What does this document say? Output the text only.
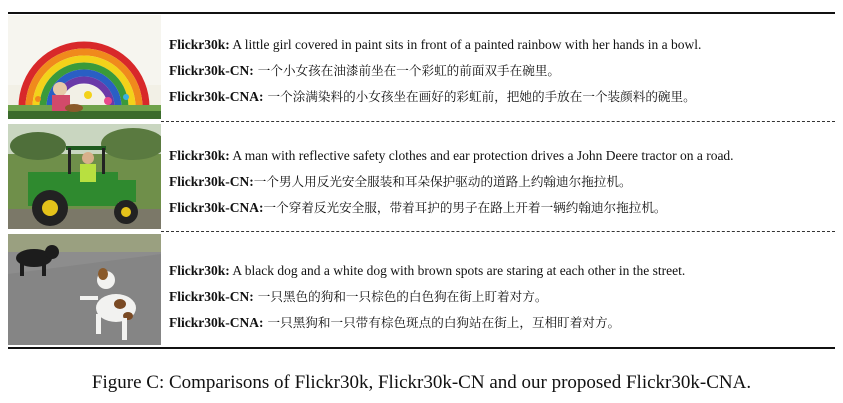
Flickr30k: A little girl covered in paint sits in front of a painted rainbow with her hands in a bowl.
Flickr30k-CN: 一个小女孩在油漆前坐在一个彩虹的前面双手在碗里。
Flickr30k-CNA: 一个涂满染料的小女孩坐在画好的彩虹前，把她的手放在一个装颜料的碗里。
Flickr30k: A man with reflective safety clothes and ear protection drives a John Deere tractor on a road.
Flickr30k-CN:一个男人用反光安全服装和耳朵保护驱动的道路上约翰迪尔拖拉机。
Flickr30k-CNA:一个穿着反光安全服，带着耳护的男子在路上开着一辆约翰迪尔拖拉机。
Flickr30k: A black dog and a white dog with brown spots are staring at each other in the street.
Flickr30k-CN: 一只黑色的狗和一只棕色的白色狗在街上盯着对方。
Flickr30k-CNA: 一只黑狗和一只带有棕色斑点的白狗站在街上，互相盯着对方。
Figure C: Comparisons of Flickr30k, Flickr30k-CN and our proposed Flickr30k-CNA.
